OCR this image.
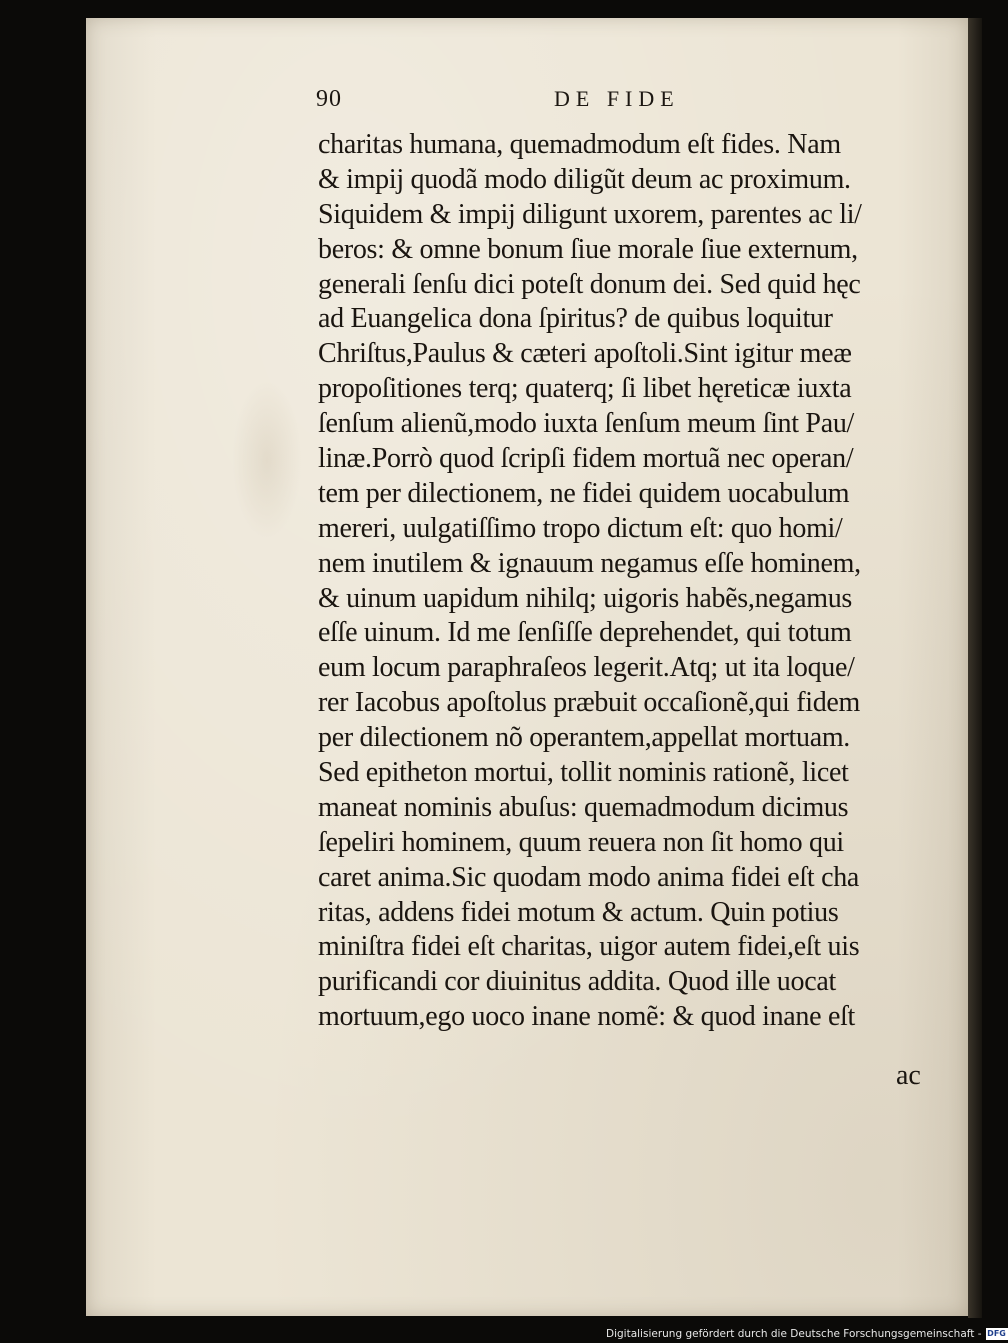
90	DE FIDE
charitas humana, quemadmodum eſt fides. Nam
& impij quodã modo diligũt deum ac proximum.
Siquidem & impij diligunt uxorem, parentes ac li/
beros: & omne bonum ſiue morale ſiue externum,
generali ſenſu dici poteſt donum dei. Sed quid hęc
ad Euangelica dona ſpiritus? de quibus loquitur
Chriſtus,Paulus & cæteri apoſtoli.Sint igitur meæ
propoſitiones terq; quaterq; ſi libet hęreticæ iuxta
ſenſum alienũ,modo iuxta ſenſum meum ſint Pau/
linæ.Porrò quod ſcripſi fidem mortuã nec operan/
tem per dilectionem, ne fidei quidem uocabulum
mereri, uulgatiſſimo tropo dictum eſt: quo homi/
nem inutilem & ignauum negamus eſſe hominem,
& uinum uapidum nihilq; uigoris habẽs,negamus
eſſe uinum. Id me ſenſiſſe deprehendet, qui totum
eum locum paraphraſeos legerit.Atq; ut ita loque/
rer Iacobus apoſtolus præbuit occaſionẽ,qui fidem
per dilectionem nõ operantem,appellat mortuam.
Sed epitheton mortui, tollit nominis rationẽ, licet
maneat nominis abuſus: quemadmodum dicimus
ſepeliri hominem, quum reuera non ſit homo qui
caret anima.Sic quodam modo anima fidei eſt cha
ritas, addens fidei motum & actum. Quin potius
miniſtra fidei eſt charitas, uigor autem fidei,eſt uis
purificandi cor diuinitus addita. Quod ille uocat
mortuum,ego uoco inane nomẽ: & quod inane eſt
ac
Digitalisierung gefördert durch die Deutsche Forschungsgemeinschaft - DFG
